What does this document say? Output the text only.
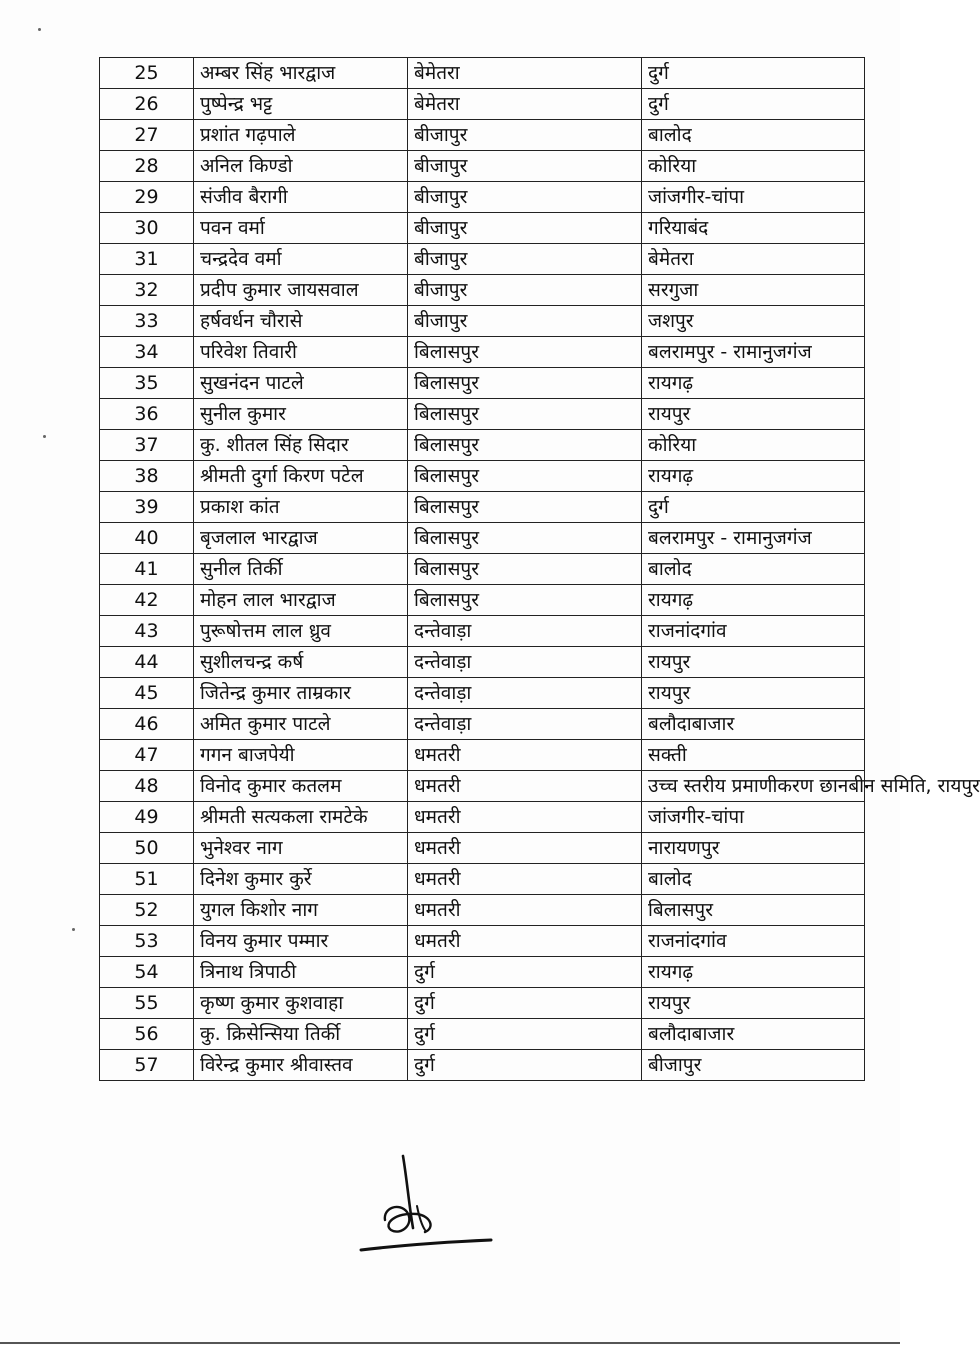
25	अम्बर सिंह भारद्वाज	बेमेतरा	दुर्ग
26	पुष्पेन्द्र भट्ट	बेमेतरा	दुर्ग
27	प्रशांत गढ़पाले	बीजापुर	बालोद
28	अनिल किण्डो	बीजापुर	कोरिया
29	संजीव बैरागी	बीजापुर	जांजगीर-चांपा
30	पवन वर्मा	बीजापुर	गरियाबंद
31	चन्द्रदेव वर्मा	बीजापुर	बेमेतरा
32	प्रदीप कुमार जायसवाल	बीजापुर	सरगुजा
33	हर्षवर्धन चौरासे	बीजापुर	जशपुर
34	परिवेश तिवारी	बिलासपुर	बलरामपुर - रामानुजगंज
35	सुखनंदन पाटले	बिलासपुर	रायगढ़
36	सुनील कुमार	बिलासपुर	रायपुर
37	कु. शीतल सिंह सिदार	बिलासपुर	कोरिया
38	श्रीमती दुर्गा किरण पटेल	बिलासपुर	रायगढ़
39	प्रकाश कांत	बिलासपुर	दुर्ग
40	बृजलाल भारद्वाज	बिलासपुर	बलरामपुर - रामानुजगंज
41	सुनील तिर्की	बिलासपुर	बालोद
42	मोहन लाल भारद्वाज	बिलासपुर	रायगढ़
43	पुरूषोत्तम लाल ध्रुव	दन्तेवाड़ा	राजनांदगांव
44	सुशीलचन्द्र कर्ष	दन्तेवाड़ा	रायपुर
45	जितेन्द्र कुमार ताम्रकार	दन्तेवाड़ा	रायपुर
46	अमित कुमार पाटले	दन्तेवाड़ा	बलौदाबाजार
47	गगन बाजपेयी	धमतरी	सक्ती
48	विनोद कुमार कतलम	धमतरी	उच्च स्तरीय प्रमाणीकरण छानबीन समिति, रायपुर
49	श्रीमती सत्यकला रामटेके	धमतरी	जांजगीर-चांपा
50	भुनेश्वर नाग	धमतरी	नारायणपुर
51	दिनेश कुमार कुर्रे	धमतरी	बालोद
52	युगल किशोर नाग	धमतरी	बिलासपुर
53	विनय कुमार पम्मार	धमतरी	राजनांदगांव
54	त्रिनाथ त्रिपाठी	दुर्ग	रायगढ़
55	कृष्ण कुमार कुशवाहा	दुर्ग	रायपुर
56	कु. क्रिसेन्सिया तिर्की	दुर्ग	बलौदाबाजार
57	विरेन्द्र कुमार श्रीवास्तव	दुर्ग	बीजापुर
